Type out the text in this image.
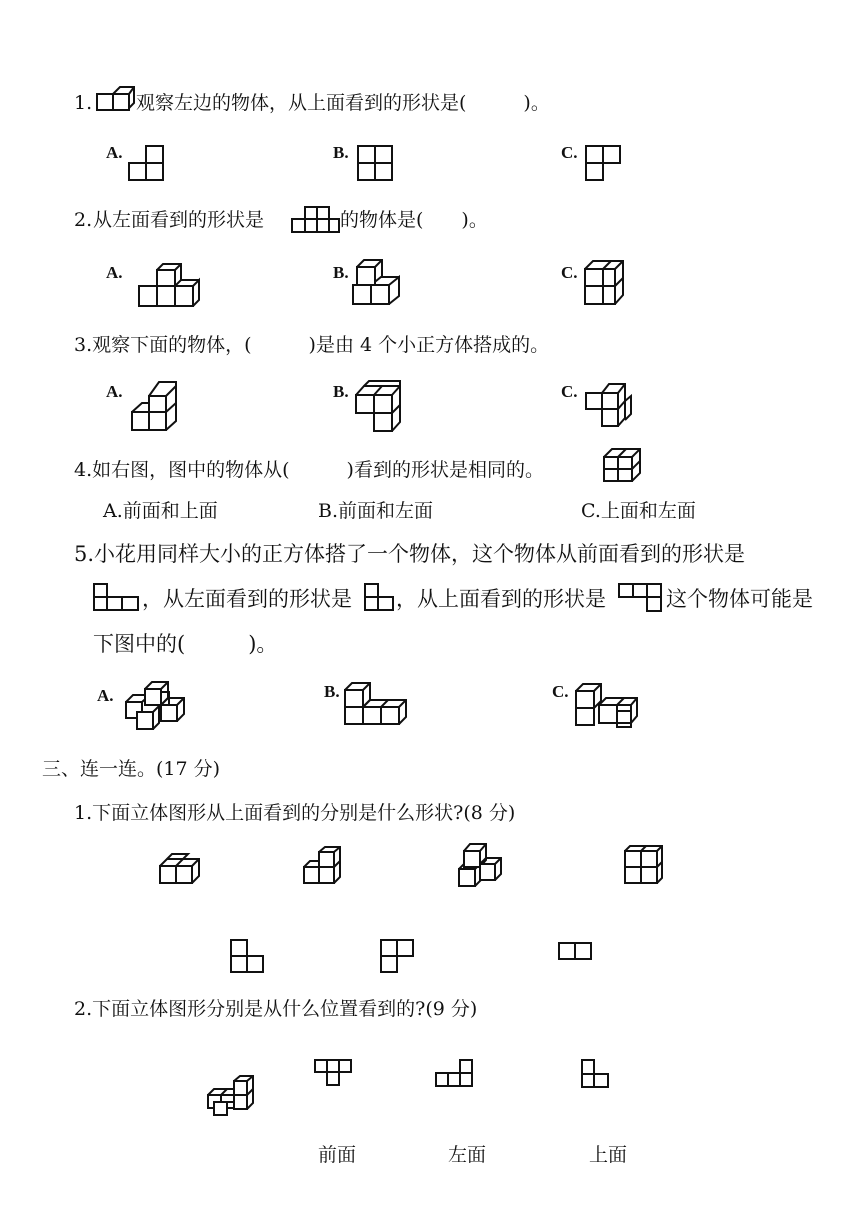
1. 观察左边的物体，从上面看到的形状是(　　　)。
A.	B.	C.
2. 从左面看到的形状是	的物体是(　　)。
A.	B.	C.
3.观察下面的物体，(　　　)是由 4 个小正方体搭成的。
A.	B.	C.
4.如右图，图中的物体从(　　　)看到的形状是相同的。
A.前面和上面	B.前面和左面	C.上面和左面
5.小花用同样大小的正方体搭了一个物体，这个物体从前面看到的形状是
，从左面看到的形状是 ，从上面看到的形状是	这个物体可能是
下图中的(　　　)。
A.	B.	C.
三、连一连。(17 分)
1.下面立体图形从上面看到的分别是什么形状?(8 分)
2.下面立体图形分别是从什么位置看到的?(9 分)
前面	左面	上面
